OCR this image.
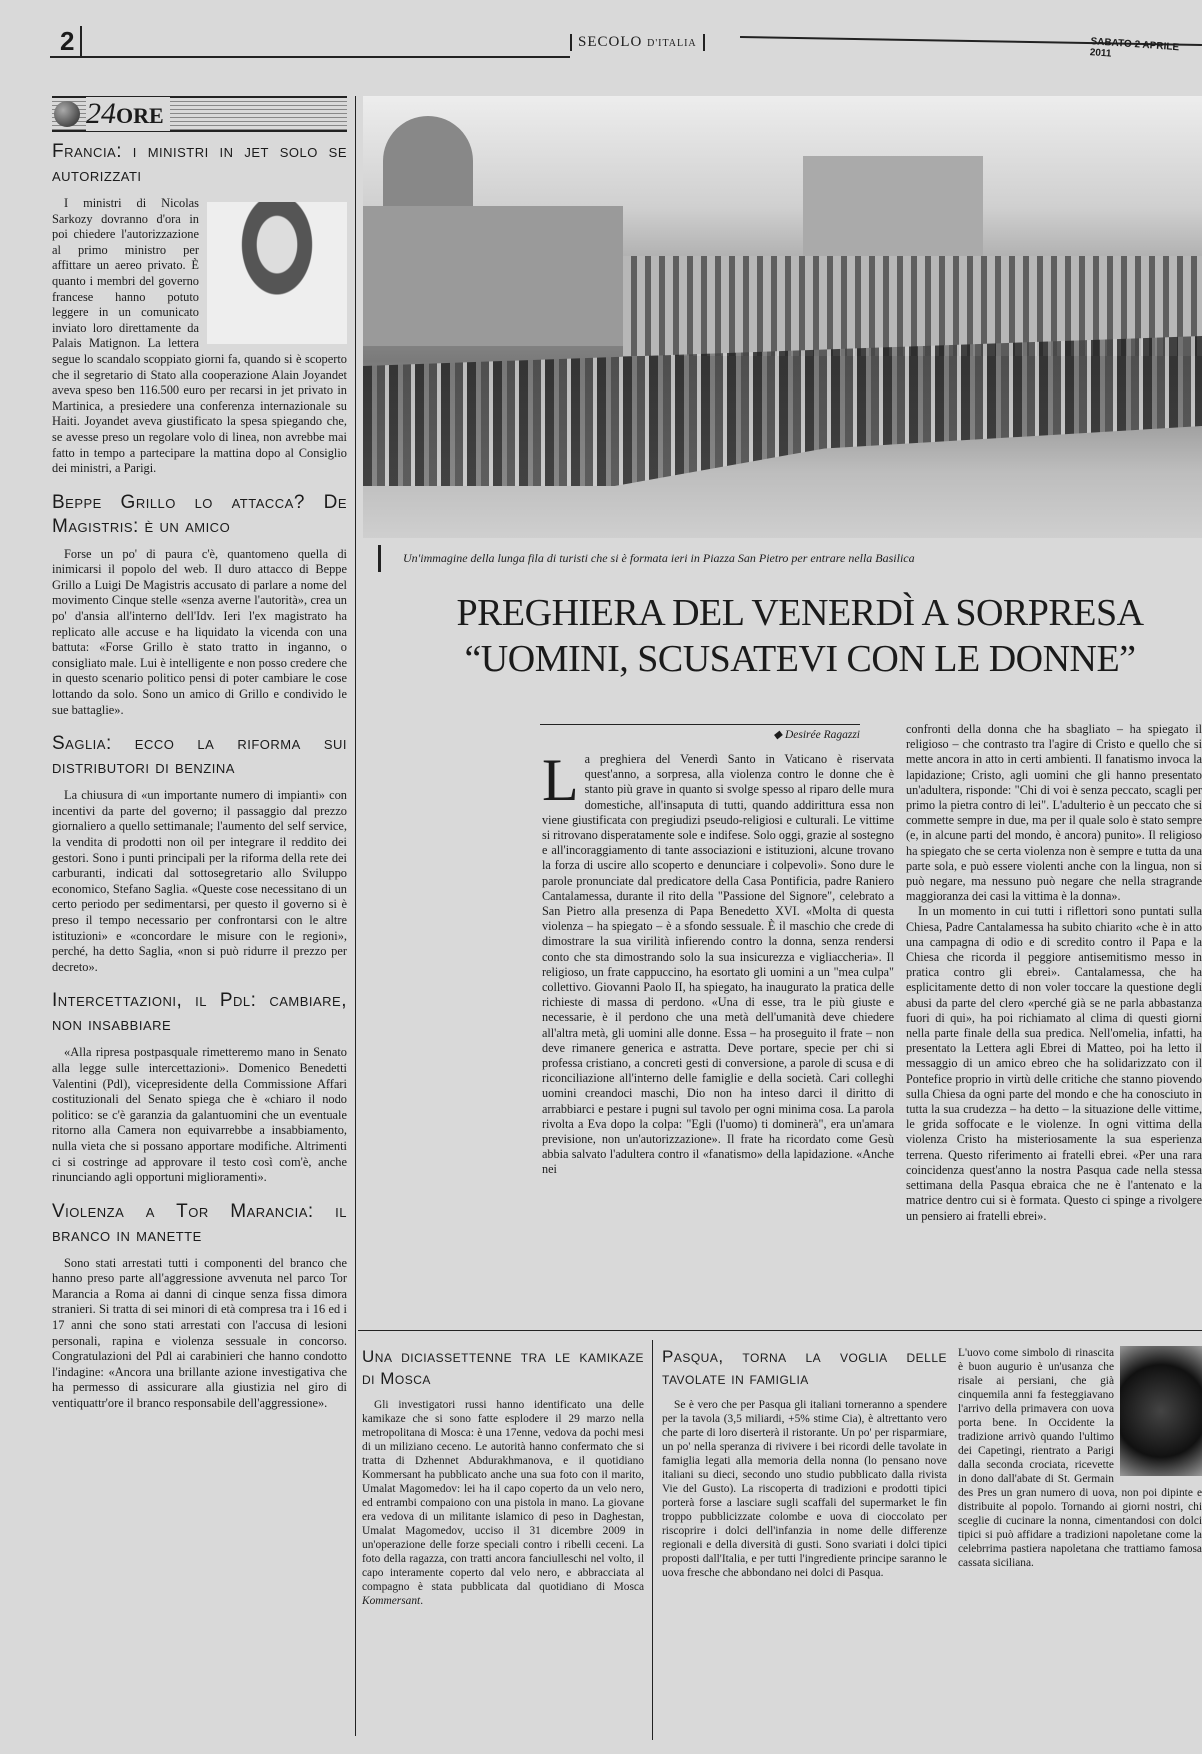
2	SECOLO D'ITALIA	SABATO 2 APRILE 2011
24ORE
Francia: i ministri in jet solo se autorizzati

I ministri di Nicolas Sarkozy dovranno d'ora in poi chiedere l'autorizzazione al primo ministro per affittare un aereo privato. È quanto i membri del governo francese hanno potuto leggere in un comunicato inviato loro direttamente da Palais Matignon. La lettera segue lo scandalo scoppiato giorni fa, quando si è scoperto che il segretario di Stato alla cooperazione Alain Joyandet aveva speso ben 116.500 euro per recarsi in jet privato in Martinica, a presiedere una conferenza internazionale su Haiti. Joyandet aveva giustificato la spesa spiegando che, se avesse preso un regolare volo di linea, non avrebbe mai fatto in tempo a partecipare la mattina dopo al Consiglio dei ministri, a Parigi.

Beppe Grillo lo attacca? De Magistris: è un amico

Forse un po' di paura c'è, quantomeno quella di inimicarsi il popolo del web. Il duro attacco di Beppe Grillo a Luigi De Magistris accusato di parlare a nome del movimento Cinque stelle «senza averne l'autorità», crea un po' d'ansia all'interno dell'Idv. Ieri l'ex magistrato ha replicato alle accuse e ha liquidato la vicenda con una battuta: «Forse Grillo è stato tratto in inganno, o consigliato male. Lui è intelligente e non posso credere che in questo scenario politico pensi di poter cambiare le cose lottando da solo. Sono un amico di Grillo e condivido le sue battaglie».

Saglia: ecco la riforma sui distributori di benzina

La chiusura di «un importante numero di impianti» con incentivi da parte del governo; il passaggio dal prezzo giornaliero a quello settimanale; l'aumento del self service, la vendita di prodotti non oil per integrare il reddito dei gestori. Sono i punti principali per la riforma della rete dei carburanti, indicati dal sottosegretario allo Sviluppo economico, Stefano Saglia. «Queste cose necessitano di un certo periodo per sedimentarsi, per questo il governo si è preso il tempo necessario per confrontarsi con le altre istituzioni» e «concordare le misure con le regioni», perché, ha detto Saglia, «non si può ridurre il prezzo per decreto».

Intercettazioni, il Pdl: cambiare, non insabbiare

«Alla ripresa postpasquale rimetteremo mano in Senato alla legge sulle intercettazioni». Domenico Benedetti Valentini (Pdl), vicepresidente della Commissione Affari costituzionali del Senato spiega che è «chiaro il nodo politico: se c'è garanzia da galantuomini che un eventuale ritorno alla Camera non equivarrebbe a insabbiamento, nulla vieta che si possano apportare modifiche. Altrimenti ci si costringe ad approvare il testo così com'è, anche rinunciando agli opportuni miglioramenti».

Violenza a Tor Marancia: il branco in manette

Sono stati arrestati tutti i componenti del branco che hanno preso parte all'aggressione avvenuta nel parco Tor Marancia a Roma ai danni di cinque senza fissa dimora stranieri. Si tratta di sei minori di età compresa tra i 16 ed i 17 anni che sono stati arrestati con l'accusa di lesioni personali, rapina e violenza sessuale in concorso. Congratulazioni del Pdl ai carabinieri che hanno condotto l'indagine: «Ancora una brillante azione investigativa che ha permesso di assicurare alla giustizia nel giro di ventiquattr'ore il branco responsabile dell'aggressione».

Un'immagine della lunga fila di turisti che si è formata ieri in Piazza San Pietro per entrare nella Basilica
PREGHIERA DEL VENERDÌ A SORPRESA
“UOMINI, SCUSATEVI CON LE DONNE”
◆ Desirée Ragazzi
L a preghiera del Venerdì Santo in Vaticano è riservata quest'anno, a sorpresa, alla violenza contro le donne che è stanto più grave in quanto si svolge spesso al riparo delle mura domestiche, all'insaputa di tutti, quando addirittura essa non viene giustificata con pregiudizi pseudo-religiosi e culturali. Le vittime si ritrovano disperatamente sole e indifese. Solo oggi, grazie al sostegno e all'incoraggiamento di tante associazioni e istituzioni, alcune trovano la forza di uscire allo scoperto e denunciare i colpevoli». Sono dure le parole pronunciate dal predicatore della Casa Pontificia, padre Raniero Cantalamessa, durante il rito della "Passione del Signore", celebrato a San Pietro alla presenza di Papa Benedetto XVI. «Molta di questa violenza – ha spiegato – è a sfondo sessuale. È il maschio che crede di dimostrare la sua virilità infierendo contro la donna, senza rendersi conto che sta dimostrando solo la sua insicurezza e vigliaccheria». Il religioso, un frate cappuccino, ha esortato gli uomini a un "mea culpa" collettivo. Giovanni Paolo II, ha spiegato, ha inaugurato la pratica delle richieste di massa di perdono. «Una di esse, tra le più giuste e necessarie, è il perdono che una metà dell'umanità deve chiedere all'altra metà, gli uomini alle donne. Essa – ha proseguito il frate – non deve rimanere generica e astratta. Deve portare, specie per chi si professa cristiano, a concreti gesti di conversione, a parole di scusa e di riconciliazione all'interno delle famiglie e della società. Cari colleghi uomini creandoci maschi, Dio non ha inteso darci il diritto di arrabbiarci e pestare i pugni sul tavolo per ogni minima cosa. La parola rivolta a Eva dopo la colpa: "Egli (l'uomo) ti dominerà", era un'amara previsione, non un'autorizzazione». Il frate ha ricordato come Gesù abbia salvato l'adultera contro il «fanatismo» della lapidazione. «Anche nei

confronti della donna che ha sbagliato – ha spiegato il religioso – che contrasto tra l'agire di Cristo e quello che si mette ancora in atto in certi ambienti. Il fanatismo invoca la lapidazione; Cristo, agli uomini che gli hanno presentato un'adultera, risponde: "Chi di voi è senza peccato, scagli per primo la pietra contro di lei". L'adulterio è un peccato che si commette sempre in due, ma per il quale solo è stato sempre (e, in alcune parti del mondo, è ancora) punito». Il religioso ha spiegato che se certa violenza non è sempre e tutta da una parte sola, e può essere violenti anche con la lingua, non si può negare, ma nessuno può negare che nella stragrande maggioranza dei casi la vittima è la donna».

In un momento in cui tutti i riflettori sono puntati sulla Chiesa, Padre Cantalamessa ha subito chiarito «che è in atto una campagna di odio e di scredito contro il Papa e la Chiesa che ricorda il peggiore antisemitismo messo in pratica contro gli ebrei». Cantalamessa, che ha esplicitamente detto di non voler toccare la questione degli abusi da parte del clero «perché già se ne parla abbastanza fuori di qui», ha poi richiamato al clima di questi giorni nella parte finale della sua predica. Nell'omelia, infatti, ha presentato la Lettera agli Ebrei di Matteo, poi ha letto il messaggio di un amico ebreo che ha solidarizzato con il Pontefice proprio in virtù delle critiche che stanno piovendo sulla Chiesa da ogni parte del mondo e che ha conosciuto in tutta la sua crudezza – ha detto – la situazione delle vittime, le grida soffocate e le violenze. In ogni vittima della violenza Cristo ha misteriosamente la sua esperienza terrena. Questo riferimento ai fratelli ebrei. «Per una rara coincidenza quest'anno la nostra Pasqua cade nella stessa settimana della Pasqua ebraica che ne è l'antenato e la matrice dentro cui si è formata. Questo ci spinge a rivolgere un pensiero ai fratelli ebrei».

Una diciassettenne tra le kamikaze di Mosca

Gli investigatori russi hanno identificato una delle kamikaze che si sono fatte esplodere il 29 marzo nella metropolitana di Mosca: è una 17enne, vedova da pochi mesi di un miliziano ceceno. Le autorità hanno confermato che si tratta di Dzhennet Abdurakhmanova, e il quotidiano Kommersant ha pubblicato anche una sua foto con il marito, Umalat Magomedov: lei ha il capo coperto da un velo nero, ed entrambi compaiono con una pistola in mano. La giovane era vedova di un militante islamico di peso in Daghestan, Umalat Magomedov, ucciso il 31 dicembre 2009 in un'operazione delle forze speciali contro i ribelli ceceni. La foto della ragazza, con tratti ancora fanciulleschi nel volto, il capo interamente coperto dal velo nero, e abbracciata al compagno è stata pubblicata dal quotidiano di Mosca Kommersant.

Pasqua, torna la voglia delle tavolate in famiglia

Se è vero che per Pasqua gli italiani torneranno a spendere per la tavola (3,5 miliardi, +5% stime Cia), è altrettanto vero che parte di loro diserterà il ristorante. Un po' per risparmiare, un po' nella speranza di rivivere i bei ricordi delle tavolate in famiglia legati alla memoria della nonna (lo pensano nove italiani su dieci, secondo uno studio pubblicato dalla rivista Vie del Gusto). La riscoperta di tradizioni e prodotti tipici porterà forse a lasciare sugli scaffali del supermarket le fin troppo pubblicizzate colombe e uova di cioccolato per riscoprire i dolci dell'infanzia in nome delle differenze regionali e della diversità di gusti. Sono svariati i dolci tipici proposti dall'Italia, e per tutti l'ingrediente principe saranno le uova fresche che abbondano nei dolci di Pasqua.

L'uovo come simbolo di rinascita è buon augurio è un'usanza che risale ai persiani, che già cinquemila anni fa festeggiavano l'arrivo della primavera con uova porta bene. In Occidente la tradizione arrivò quando l'ultimo dei Capetingi, rientrato a Parigi dalla seconda crociata, ricevette in dono dall'abate di St. Germain des Pres un gran numero di uova, non poi dipinte e distribuite al popolo. Tornando ai giorni nostri, chi sceglie di cucinare la nonna, cimentandosi con dolci tipici si può affidare a tradizioni napoletane come la celebrrima pastiera napoletana che trattiamo famosa cassata siciliana.
